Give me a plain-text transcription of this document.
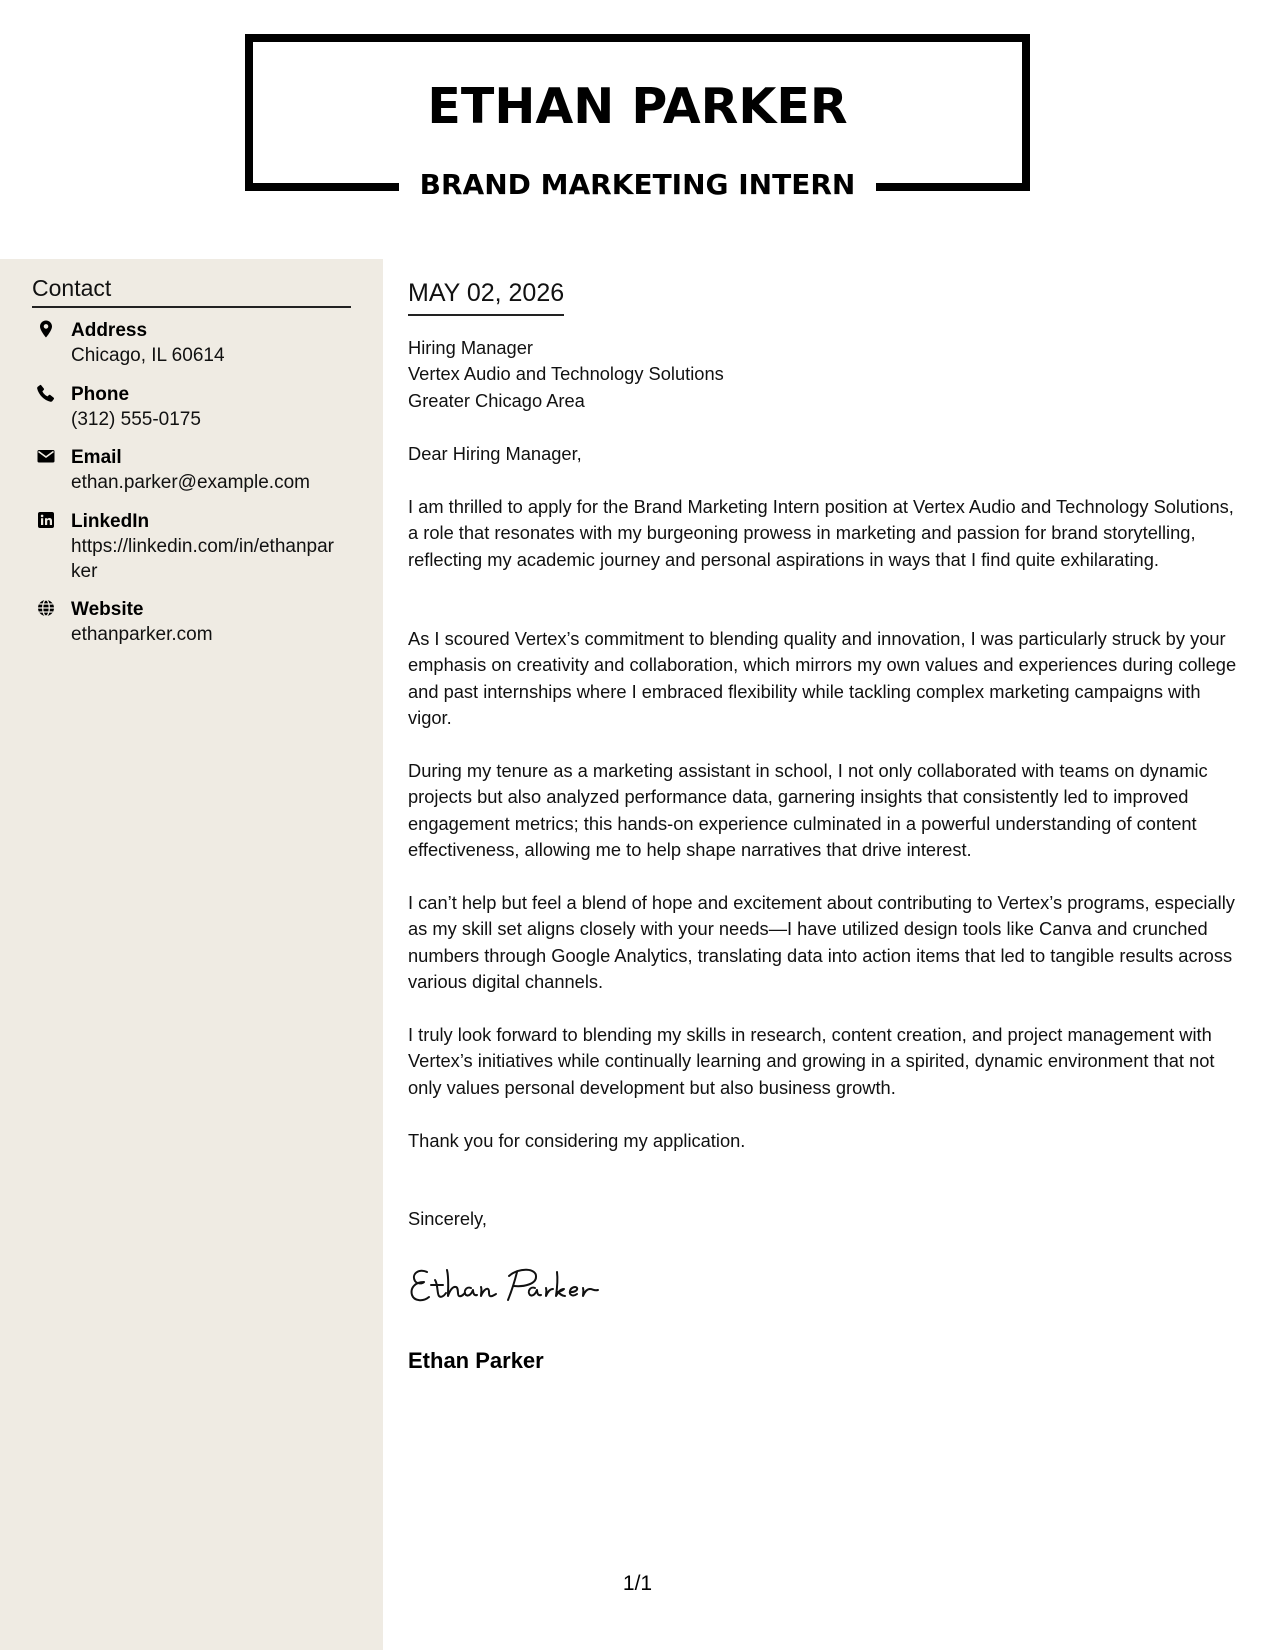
ETHAN PARKER
BRAND MARKETING INTERN
Contact
Address
Chicago, IL 60614
Phone
(312) 555-0175
Email
ethan.parker@example.com
LinkedIn
https://linkedin.com/in/ethanparker
Website
ethanparker.com
MAY 02, 2026
Hiring Manager
Vertex Audio and Technology Solutions
Greater Chicago Area
Dear Hiring Manager,

I am thrilled to apply for the Brand Marketing Intern position at Vertex Audio and Technology Solutions, a role that resonates with my burgeoning prowess in marketing and passion for brand storytelling, reflecting my academic journey and personal aspirations in ways that I find quite exhilarating.

As I scoured Vertex’s commitment to blending quality and innovation, I was particularly struck by your emphasis on creativity and collaboration, which mirrors my own values and experiences during college and past internships where I embraced flexibility while tackling complex marketing campaigns with vigor.

During my tenure as a marketing assistant in school, I not only collaborated with teams on dynamic projects but also analyzed performance data, garnering insights that consistently led to improved engagement metrics; this hands-on experience culminated in a powerful understanding of content effectiveness, allowing me to help shape narratives that drive interest.

I can’t help but feel a blend of hope and excitement about contributing to Vertex’s programs, especially as my skill set aligns closely with your needs—I have utilized design tools like Canva and crunched numbers through Google Analytics, translating data into action items that led to tangible results across various digital channels.

I truly look forward to blending my skills in research, content creation, and project management with Vertex’s initiatives while continually learning and growing in a spirited, dynamic environment that not only values personal development but also business growth.

Thank you for considering my application.

Sincerely,
Ethan Parker
1/1
